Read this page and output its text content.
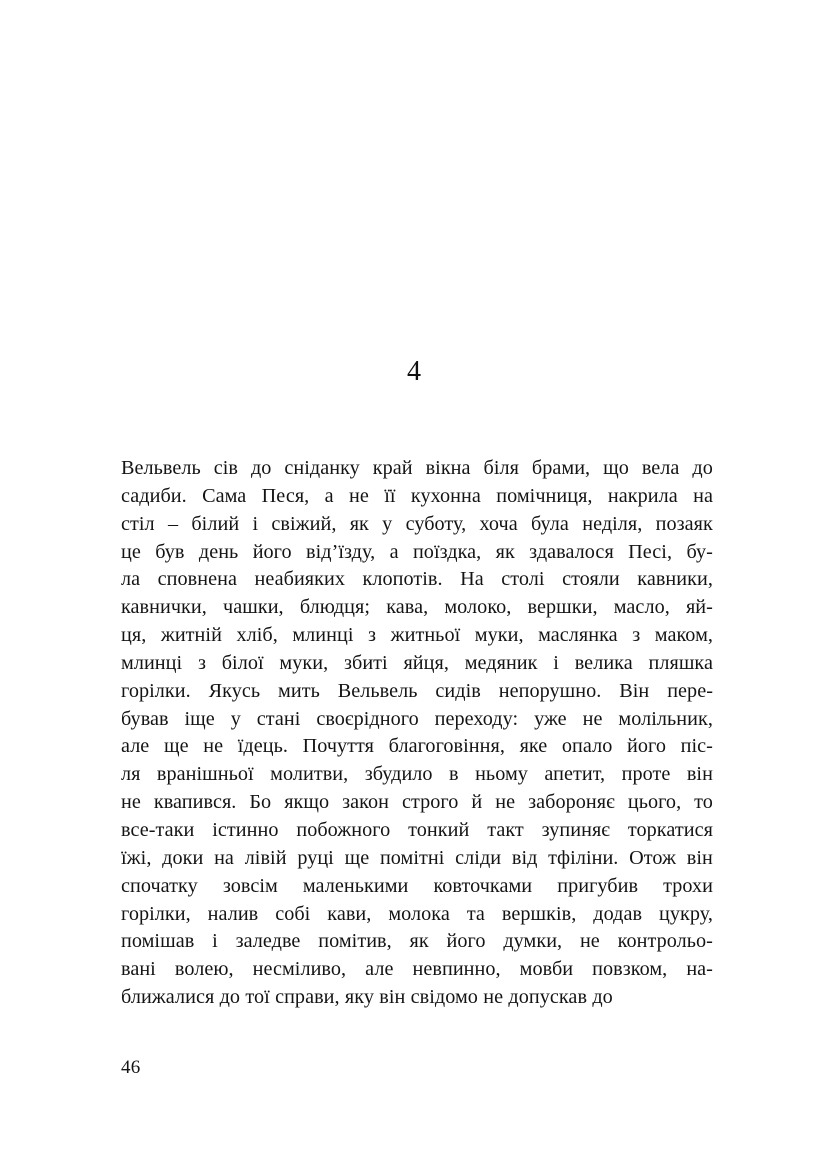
4
Вельвель сів до сніданку край вікна біля брами, що вела до
садиби. Сама Песя, а не її кухонна помічниця, накрила на
стіл – білий і свіжий, як у суботу, хоча була неділя, позаяк
це був день його від’їзду, а поїздка, як здавалося Песі, бу-
ла сповнена неабияких клопотів. На столі стояли кавники,
кавнички, чашки, блюдця; кава, молоко, вершки, масло, яй-
ця, житній хліб, млинці з житньої муки, маслянка з маком,
млинці з білої муки, збиті яйця, медяник і велика пляшка
горілки. Якусь мить Вельвель сидів непорушно. Він пере-
бував іще у стані своєрідного переходу: уже не молільник,
але ще не їдець. Почуття благоговіння, яке опало його піс-
ля вранішньої молитви, збудило в ньому апетит, проте він
не квапився. Бо якщо закон строго й не забороняє цього, то
все-таки істинно побожного тонкий такт зупиняє торкатися
їжі, доки на лівій руці ще помітні сліди від тфіліни. Отож він
спочатку зовсім маленькими ковточками пригубив трохи
горілки, налив собі кави, молока та вершків, додав цукру,
помішав і заледве помітив, як його думки, не контрольо-
вані волею, несміливо, але невпинно, мовби повзком, на-
ближалися до тої справи, яку він свідомо не допускав до
46
